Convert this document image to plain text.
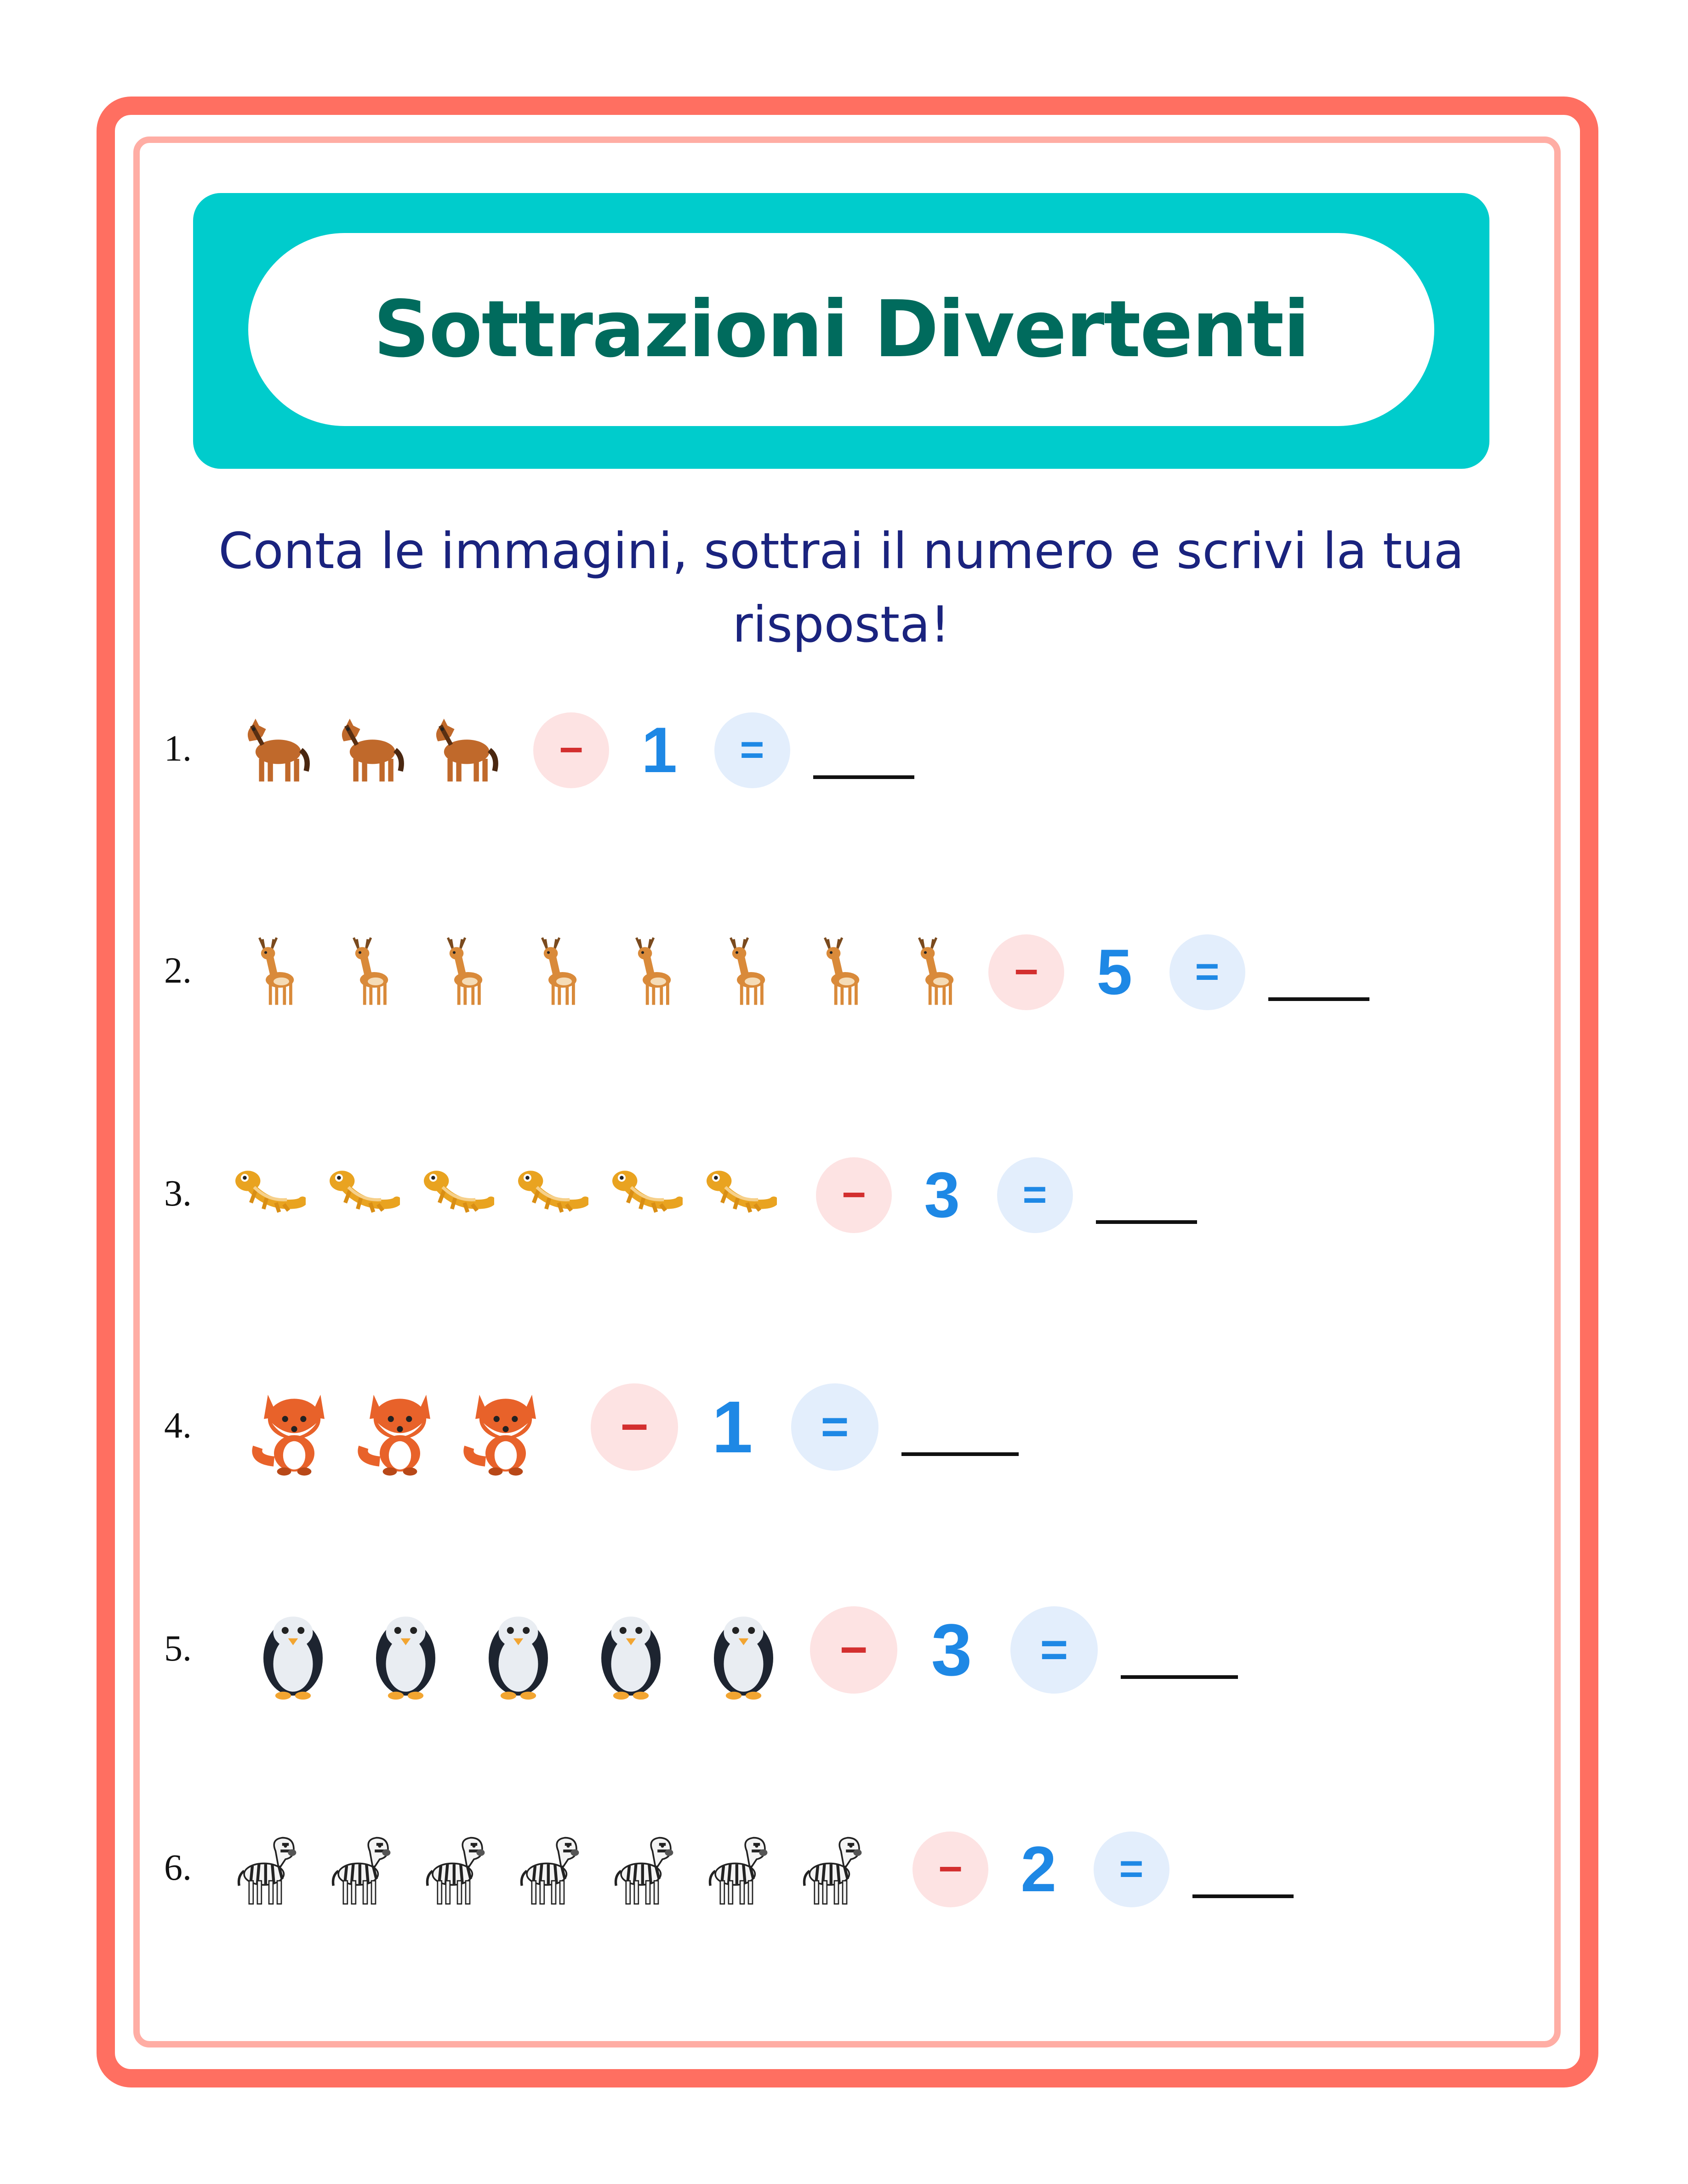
Sottrazioni Divertenti
Conta le immagini, sottrai il numero e scrivi la tua risposta!
1.	− 1	=
2.	− 5	=
3.	− 3	=
4.	− 1	=
5.	− 3	=
6.	− 2	=
